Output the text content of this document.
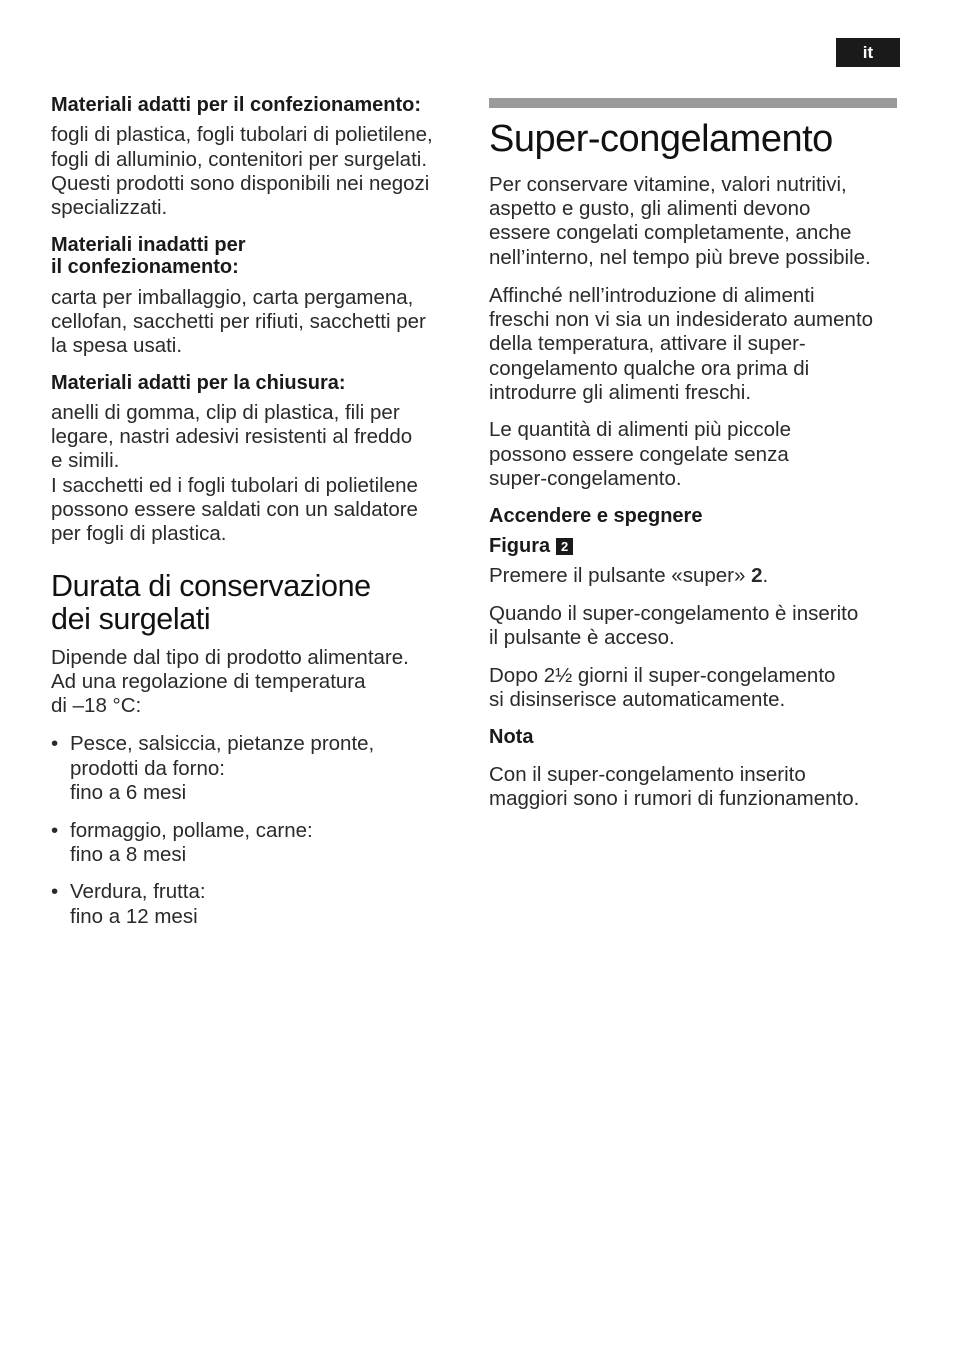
it
Materiali adatti per il confezionamento:
fogli di plastica, fogli tubolari di polietilene,
fogli di alluminio, contenitori per surgelati.
Questi prodotti sono disponibili nei negozi
specializzati.
Materiali inadatti per
il confezionamento:
carta per imballaggio, carta pergamena,
cellofan, sacchetti per rifiuti, sacchetti per
la spesa usati.
Materiali adatti per la chiusura:
anelli di gomma, clip di plastica, fili per
legare, nastri adesivi resistenti al freddo
e simili.
I sacchetti ed i fogli tubolari di polietilene
possono essere saldati con un saldatore
per fogli di plastica.
Durata di conservazione
dei surgelati
Dipende dal tipo di prodotto alimentare.
Ad una regolazione di temperatura
di –18 °C:
• Pesce, salsiccia, pietanze pronte,
prodotti da forno:
fino a 6 mesi
• formaggio, pollame, carne:
fino a 8 mesi
• Verdura, frutta:
fino a 12 mesi
Super-congelamento
Per conservare vitamine, valori nutritivi,
aspetto e gusto, gli alimenti devono
essere congelati completamente, anche
nell’interno, nel tempo più breve possibile.
Affinché nell’introduzione di alimenti
freschi non vi sia un indesiderato aumento
della temperatura, attivare il super-
congelamento qualche ora prima di
introdurre gli alimenti freschi.
Le quantità di alimenti più piccole
possono essere congelate senza
super-congelamento.
Accendere e spegnere
Figura 2
Premere il pulsante «super» 2.
Quando il super-congelamento è inserito
il pulsante è acceso.
Dopo 2½ giorni il super-congelamento
si disinserisce automaticamente.
Nota
Con il super-congelamento inserito
maggiori sono i rumori di funzionamento.
